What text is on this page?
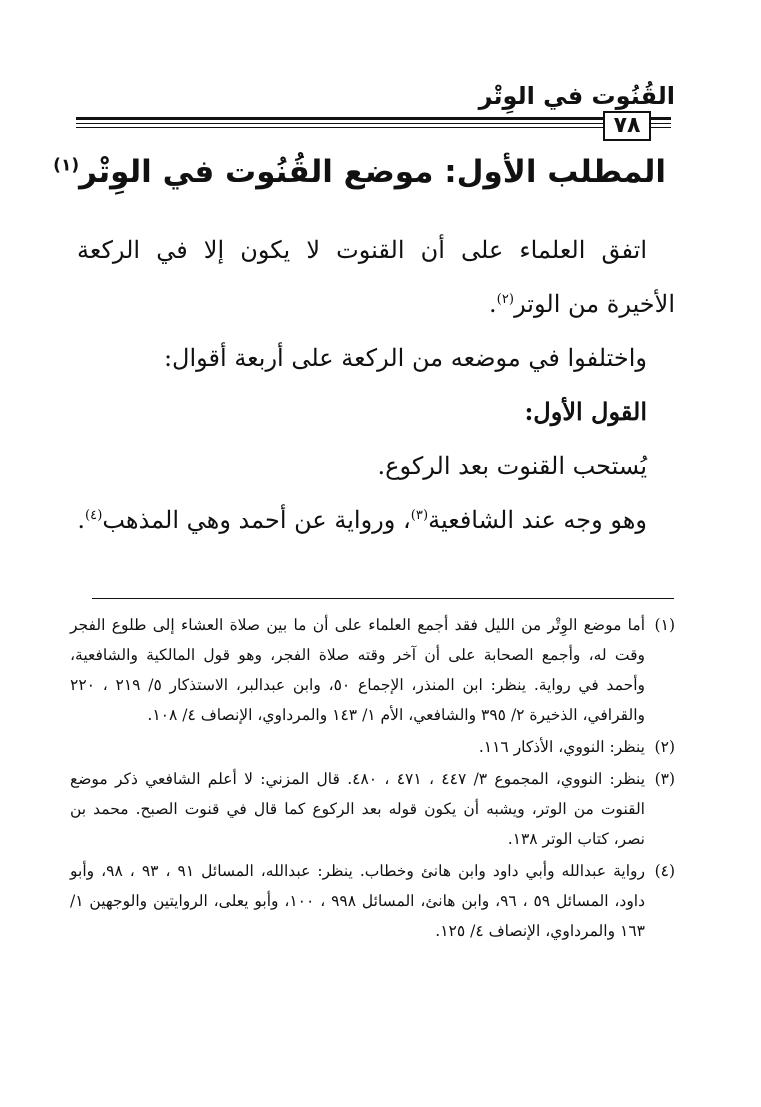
القُنُوت في الوِتْر
٧٨
المطلب الأول: موضع القُنُوت في الوِتْر$^{(١)}$
اتفق العلماء على أن القنوت لا يكون إلا في الركعة
الأخيرة من الوتر$^{(٢)}$.
واختلفوا في موضعه من الركعة على أربعة أقوال:
القول الأول:
يُستحب القنوت بعد الركوع.
وهو وجه عند الشافعية$^{(٣)}$، ورواية عن أحمد وهي المذهب$^{(٤)}$.
(١)أما موضع الوِتْر من الليل فقد أجمع العلماء على أن ما بين صلاة العشاء إلى طلوع الفجر وقت له، وأجمع الصحابة على أن آخر وقته صلاة الفجر، وهو قول المالكية والشافعية، وأحمد في رواية. ينظر: ابن المنذر، الإجماع ٥٠، وابن عبدالبر، الاستذكار ٥/ ٢١٩ ، ٢٢٠ والقرافي، الذخيرة ٢/ ٣٩٥ والشافعي، الأم ١/ ١٤٣ والمرداوي، الإنصاف ٤/ ١٠٨.
(٢)ينظر: النووي، الأذكار ١١٦.
(٣)ينظر: النووي، المجموع ٣/ ٤٤٧ ، ٤٧١ ، ٤٨٠. قال المزني: لا أعلم الشافعي ذكر موضع القنوت من الوتر، ويشبه أن يكون قوله بعد الركوع كما قال في قنوت الصبح. محمد بن نصر، كتاب الوتر ١٣٨.
(٤)رواية عبدالله وأبي داود وابن هانئ وخطاب. ينظر: عبدالله، المسائل ٩١ ، ٩٣ ، ٩٨، وأبو داود، المسائل ٥٩ ، ٩٦، وابن هانئ، المسائل ٩٩٨ ، ١٠٠، وأبو يعلى، الروايتين والوجهين ١/ ١٦٣ والمرداوي، الإنصاف ٤/ ١٢٥.
